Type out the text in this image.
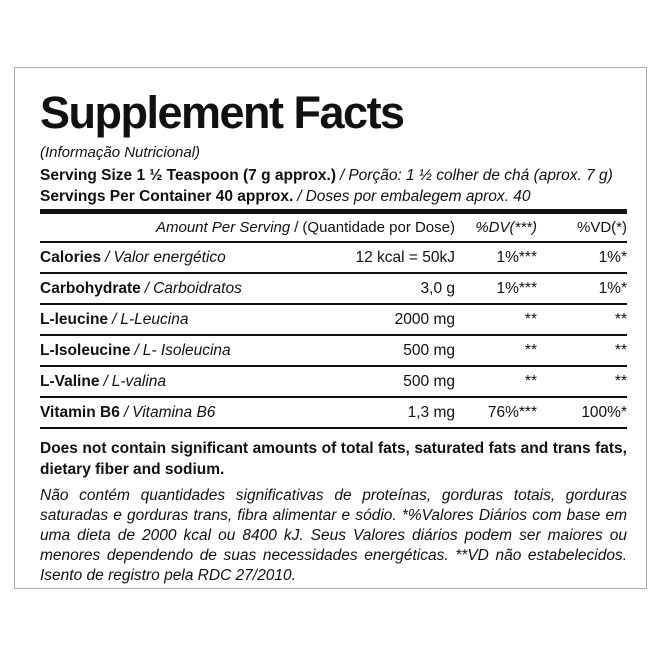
Supplement Facts
(Informação Nutricional)
Serving Size 1 ½ Teaspoon (7 g approx.) / Porção: 1 ½ colher de chá (aprox. 7 g)
Servings Per Container 40 approx. / Doses por embalegem aprox. 40
Amount Per Serving / (Quantidade por Dose)	%DV(***)	%VD(*)
Calories / Valor energético	12 kcal = 50kJ	1%***	1%*
Carbohydrate / Carboidratos	3,0 g	1%***	1%*
L-leucine / L-Leucina	2000 mg	**	**
L-Isoleucine / L- Isoleucina	500 mg	**	**
L-Valine / L-valina	500 mg	**	**
Vitamin B6 / Vitamina B6	1,3 mg	76%***	100%*

Does not contain significant amounts of total fats, saturated fats and trans fats, dietary fiber and sodium.

Não contém quantidades significativas de proteínas, gorduras totais, gorduras saturadas e gorduras trans, fibra alimentar e sódio. *%Valores Diários com base em uma dieta de 2000 kcal ou 8400 kJ. Seus Valores diários podem ser maiores ou menores dependendo de suas necessidades energéticas. **VD não estabelecidos. Isento de registro pela RDC 27/2010.
